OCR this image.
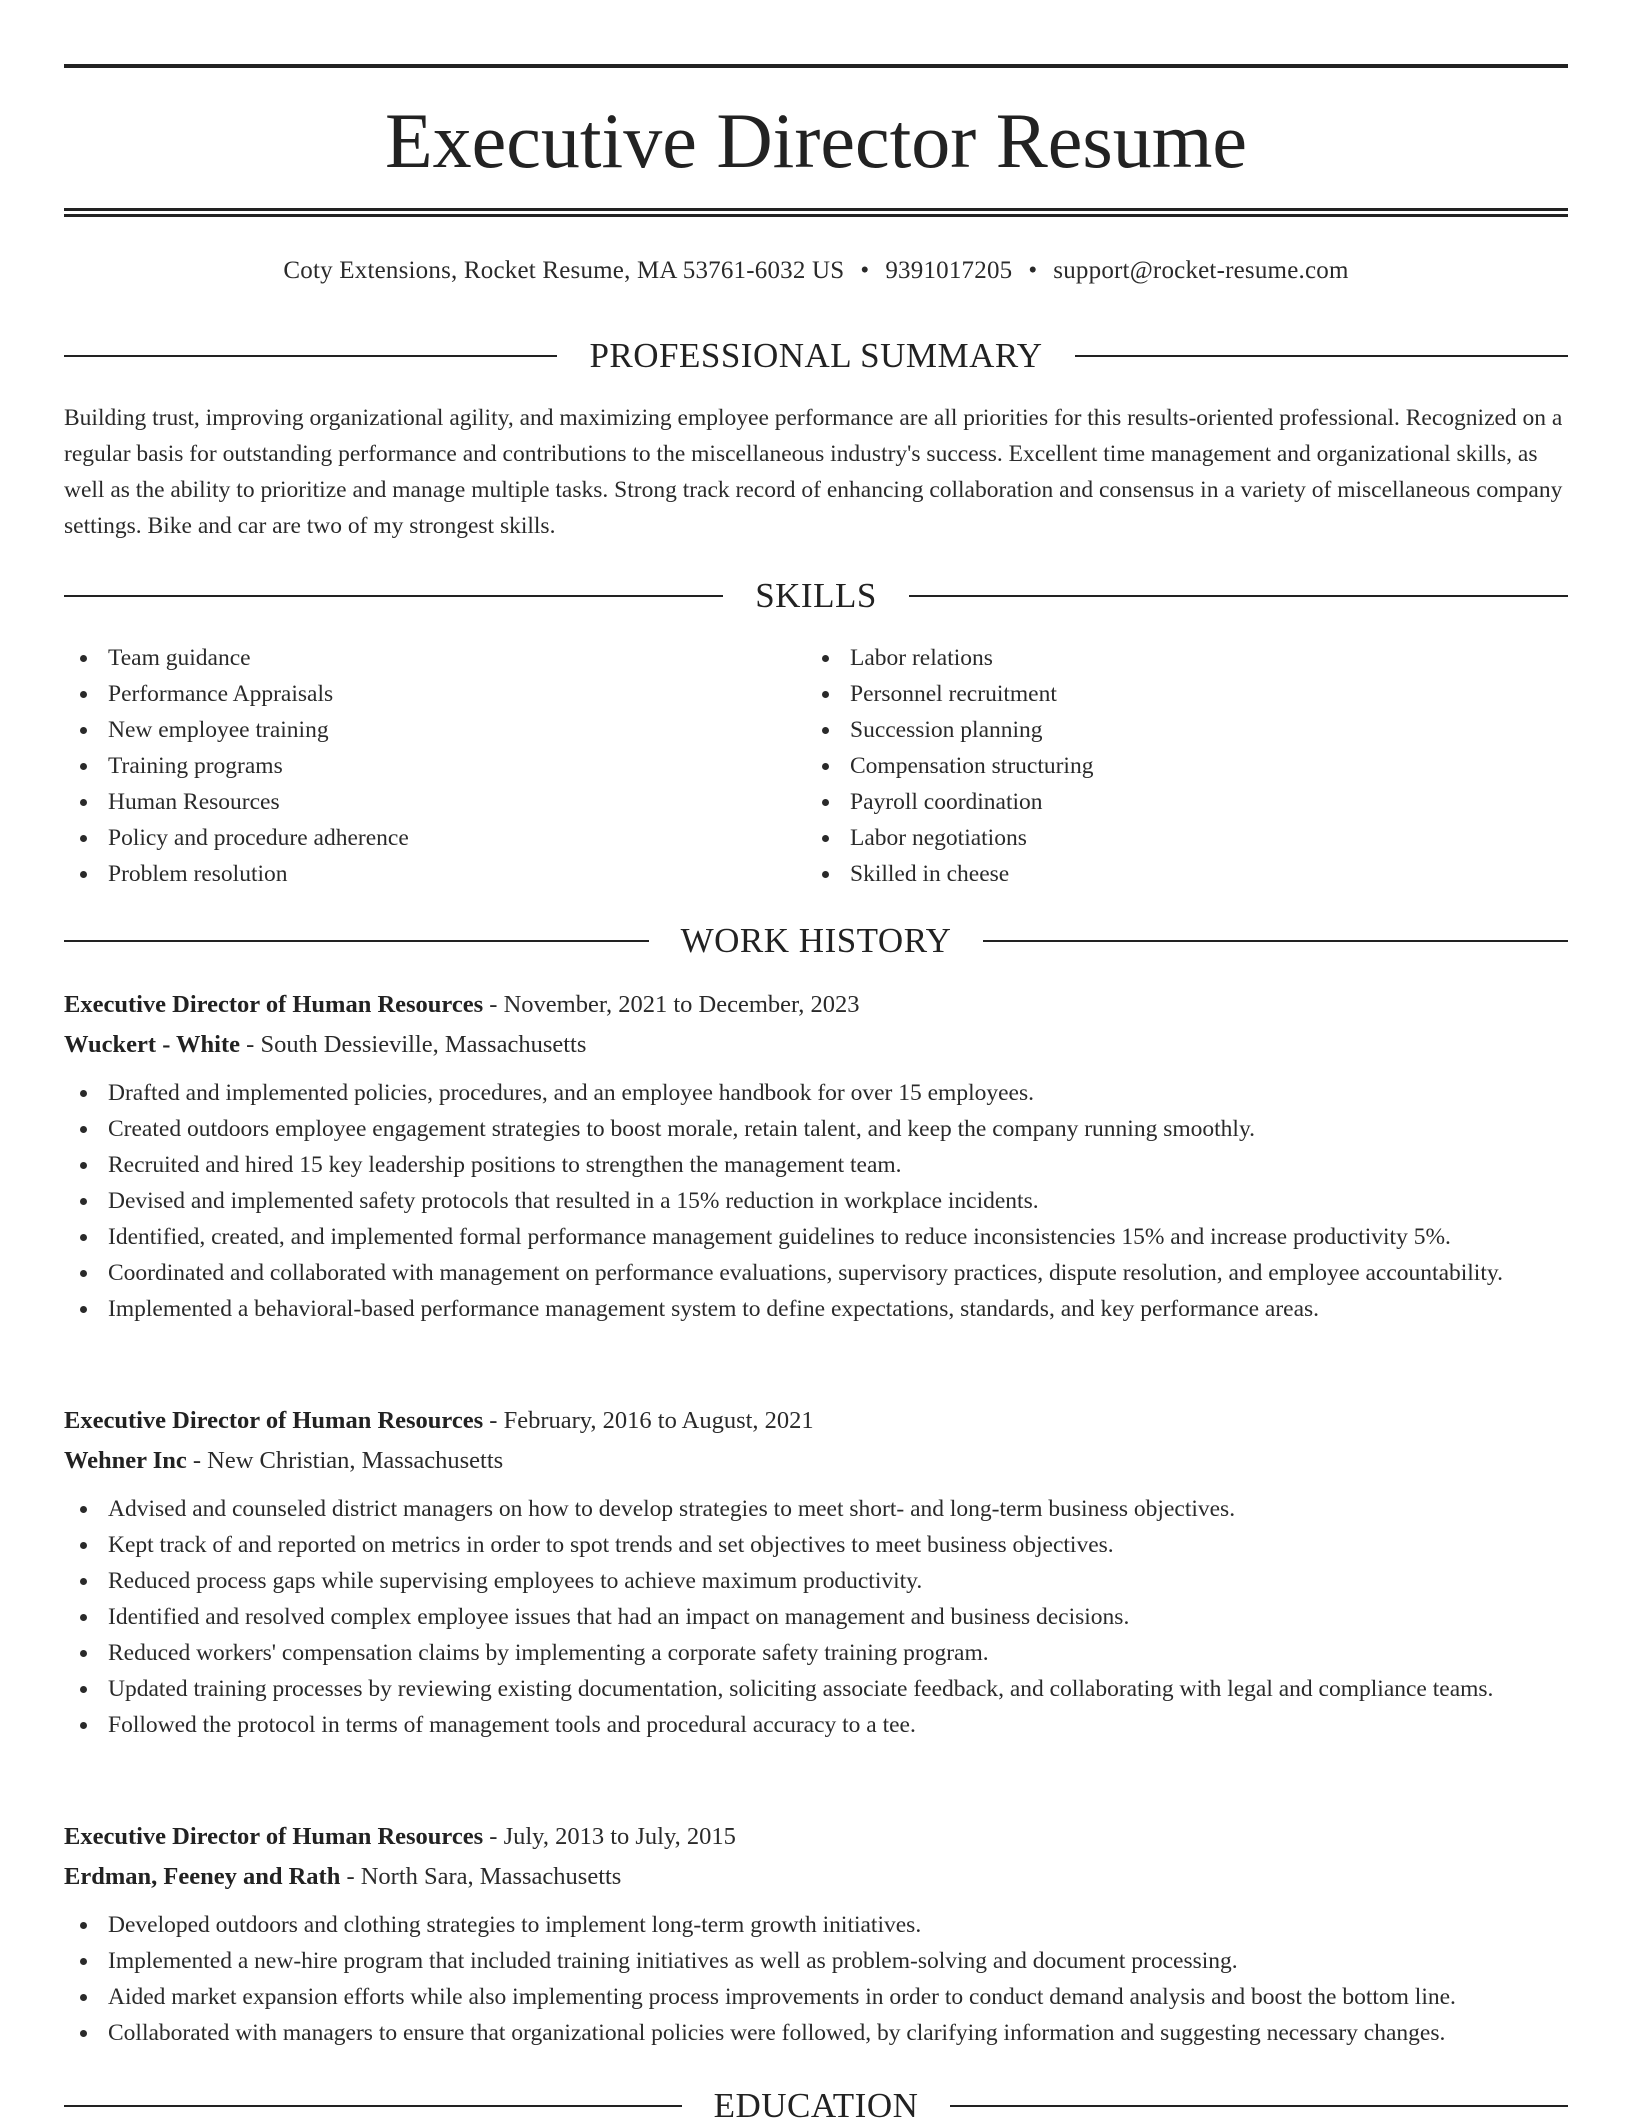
Executive Director Resume
Coty Extensions, Rocket Resume, MA 53761-6032 US • 9391017205 • support@rocket-resume.com
PROFESSIONAL SUMMARY

Building trust, improving organizational agility, and maximizing employee performance are all priorities for this results-oriented professional. Recognized on a regular basis for outstanding performance and contributions to the miscellaneous industry's success. Excellent time management and organizational skills, as well as the ability to prioritize and manage multiple tasks. Strong track record of enhancing collaboration and consensus in a variety of miscellaneous company settings. Bike and car are two of my strongest skills.

SKILLS
Team guidance
Performance Appraisals
New employee training
Training programs
Human Resources
Policy and procedure adherence
Problem resolution
Labor relations
Personnel recruitment
Succession planning
Compensation structuring
Payroll coordination
Labor negotiations
Skilled in cheese
WORK HISTORY
Executive Director of Human Resources - November, 2021 to December, 2023
Wuckert - White - South Dessieville, Massachusetts
Drafted and implemented policies, procedures, and an employee handbook for over 15 employees.
Created outdoors employee engagement strategies to boost morale, retain talent, and keep the company running smoothly.
Recruited and hired 15 key leadership positions to strengthen the management team.
Devised and implemented safety protocols that resulted in a 15% reduction in workplace incidents.
Identified, created, and implemented formal performance management guidelines to reduce inconsistencies 15% and increase productivity 5%.
Coordinated and collaborated with management on performance evaluations, supervisory practices, dispute resolution, and employee accountability.
Implemented a behavioral-based performance management system to define expectations, standards, and key performance areas.
Executive Director of Human Resources - February, 2016 to August, 2021
Wehner Inc - New Christian, Massachusetts
Advised and counseled district managers on how to develop strategies to meet short- and long-term business objectives.
Kept track of and reported on metrics in order to spot trends and set objectives to meet business objectives.
Reduced process gaps while supervising employees to achieve maximum productivity.
Identified and resolved complex employee issues that had an impact on management and business decisions.
Reduced workers' compensation claims by implementing a corporate safety training program.
Updated training processes by reviewing existing documentation, soliciting associate feedback, and collaborating with legal and compliance teams.
Followed the protocol in terms of management tools and procedural accuracy to a tee.
Executive Director of Human Resources - July, 2013 to July, 2015
Erdman, Feeney and Rath - North Sara, Massachusetts
Developed outdoors and clothing strategies to implement long-term growth initiatives.
Implemented a new-hire program that included training initiatives as well as problem-solving and document processing.
Aided market expansion efforts while also implementing process improvements in order to conduct demand analysis and boost the bottom line.
Collaborated with managers to ensure that organizational policies were followed, by clarifying information and suggesting necessary changes.
EDUCATION
